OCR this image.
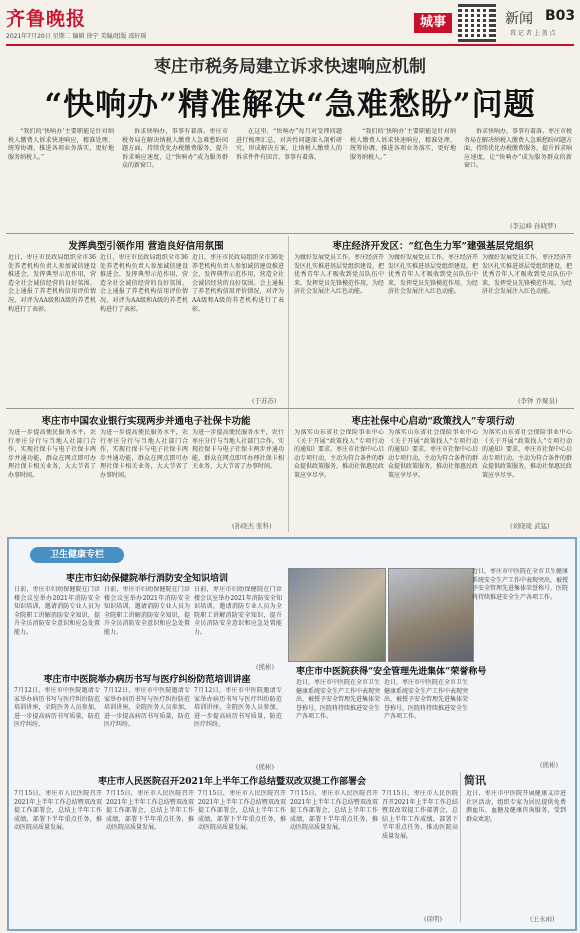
齐鲁晚报
2021年7月20日 星期二 编辑 徐宁 美编/组版 邵轩瑶
城事	新闻 B03
我 记 者 上 盖 点
枣庄市税务局建立诉求快速响应机制
“快响办”精准解决“急难愁盼”问题

“我们的‘快响办’主要职能是针对纳税人缴费人诉求快速响应，精准处理、统筹协调、推进各项业务落实，更好地服务纳税人。”

诉求快响办，事事有着落。枣庄市税务局在解决纳税人缴费人急难愁盼问题方面，持续优化办税缴费服务，提升诉求响应速度，让“快响办”成为服务群众的新窗口。

在这里，“快响办”每月对受理问题进行梳理汇总，对共性问题深入剖析研究，形成解决方案，让纳税人缴费人的诉求件件有回音、事事有着落。

“我们的‘快响办’主要职能是针对纳税人缴费人诉求快速响应，精准处理、统筹协调、推进各项业务落实，更好地服务纳税人。”

诉求快响办，事事有着落。枣庄市税务局在解决纳税人缴费人急难愁盼问题方面，持续优化办税缴费服务，提升诉求响应速度，让“快响办”成为服务群众的新窗口。

(李运峰 孙晓梦)
发挥典型引领作用 营造良好信用氛围	枣庄经济开发区：“红色生力军”建强基层党组织
近日，枣庄市民政局组织全市36处养老机构负责人参加诚信建设推进会，发挥典型示范作用，营造全社会诚信经营的良好氛围。会上通报了养老机构信用评价情况，对评为AA级和A级的养老机构进行了表彰。
近日，枣庄市民政局组织全市36处养老机构负责人参加诚信建设推进会，发挥典型示范作用，营造全社会诚信经营的良好氛围。会上通报了养老机构信用评价情况，对评为AA级和A级的养老机构进行了表彰。
近日，枣庄市民政局组织全市36处养老机构负责人参加诚信建设推进会，发挥典型示范作用，营造全社会诚信经营的良好氛围。会上通报了养老机构信用评价情况，对评为AA级和A级的养老机构进行了表彰。
(于苏苏)
为做好发展党员工作，枣庄经济开发区扎实推进基层党组织建设，把优秀青年人才吸收到党员队伍中来，发挥党员先锋模范作用，为经济社会发展注入红色动能。
为做好发展党员工作，枣庄经济开发区扎实推进基层党组织建设，把优秀青年人才吸收到党员队伍中来，发挥党员先锋模范作用，为经济社会发展注入红色动能。
为做好发展党员工作，枣庄经济开发区扎实推进基层党组织建设，把优秀青年人才吸收到党员队伍中来，发挥党员先锋模范作用，为经济社会发展注入红色动能。
(李钟 乔聚泉)
枣庄市中国农业银行实现两步并通电子社保卡功能	枣庄社保中心启动“政策找人”专项行动
为进一步提高便民服务水平，农行枣庄分行与当地人社部门合作，实现社保卡与电子社保卡两步并通功能，群众在网点即可办理社保卡相关业务，大大节省了办事时间。
为进一步提高便民服务水平，农行枣庄分行与当地人社部门合作，实现社保卡与电子社保卡两步并通功能，群众在网点即可办理社保卡相关业务，大大节省了办事时间。
为进一步提高便民服务水平，农行枣庄分行与当地人社部门合作，实现社保卡与电子社保卡两步并通功能，群众在网点即可办理社保卡相关业务，大大节省了办事时间。
(孙晓杰 张科)
为落实山东省社会保险事业中心《关于开展“政策找人”专项行动的通知》要求，枣庄市社保中心启动专项行动，主动为符合条件的群众提供政策服务，推动社保惠民政策应享尽享。
为落实山东省社会保险事业中心《关于开展“政策找人”专项行动的通知》要求，枣庄市社保中心启动专项行动，主动为符合条件的群众提供政策服务，推动社保惠民政策应享尽享。
为落实山东省社会保险事业中心《关于开展“政策找人”专项行动的通知》要求，枣庄市社保中心启动专项行动，主动为符合条件的群众提供政策服务，推动社保惠民政策应享尽享。
(刘晓珑 武猛)
卫生健康专栏
枣庄市妇幼保健院举行消防安全知识培训
日前，枣庄市妇幼保健院在门诊楼会议室举办2021年消防安全知识培训，邀请消防专业人员为全院职工讲解消防安全知识，提升全员消防安全意识和应急处置能力。
日前，枣庄市妇幼保健院在门诊楼会议室举办2021年消防安全知识培训，邀请消防专业人员为全院职工讲解消防安全知识，提升全员消防安全意识和应急处置能力。
日前，枣庄市妇幼保健院在门诊楼会议室举办2021年消防安全知识培训，邀请消防专业人员为全院职工讲解消防安全知识，提升全员消防安全意识和应急处置能力。
(熊彬) 枣庄市中医院获得“安全管理先进集体”荣誉称号
近日，枣庄市中医院在全市卫生健康系统安全生产工作中表现突出，被授予安全管理先进集体荣誉称号，医院将持续推进安全生产各项工作。
近日，枣庄市中医院在全市卫生健康系统安全生产工作中表现突出，被授予安全管理先进集体荣誉称号，医院将持续推进安全生产各项工作。
近日，枣庄市中医院在全市卫生健康系统安全生产工作中表现突出，被授予安全管理先进集体荣誉称号，医院将持续推进安全生产各项工作。
(熊彬)
枣庄市中医院举办病历书写与医疗纠纷防范培训讲座
7月12日，枣庄市中医院邀请专家举办病历书写与医疗纠纷防范培训讲座，全院医务人员参加，进一步提高病历书写质量，防范医疗纠纷。
7月12日，枣庄市中医院邀请专家举办病历书写与医疗纠纷防范培训讲座，全院医务人员参加，进一步提高病历书写质量，防范医疗纠纷。
7月12日，枣庄市中医院邀请专家举办病历书写与医疗纠纷防范培训讲座，全院医务人员参加，进一步提高病历书写质量，防范医疗纠纷。
(熊彬)
枣庄市人民医院召开2021年上半年工作总结暨双改双提工作部署会
7月15日，枣庄市人民医院召开2021年上半年工作总结暨双改双提工作部署会，总结上半年工作成绩，部署下半年重点任务，推动医院高质量发展。
7月15日，枣庄市人民医院召开2021年上半年工作总结暨双改双提工作部署会，总结上半年工作成绩，部署下半年重点任务，推动医院高质量发展。
7月15日，枣庄市人民医院召开2021年上半年工作总结暨双改双提工作部署会，总结上半年工作成绩，部署下半年重点任务，推动医院高质量发展。
7月15日，枣庄市人民医院召开2021年上半年工作总结暨双改双提工作部署会，总结上半年工作成绩，部署下半年重点任务，推动医院高质量发展。
7月15日，枣庄市人民医院召开2021年上半年工作总结暨双改双提工作部署会，总结上半年工作成绩，部署下半年重点任务，推动医院高质量发展。
(徐明)
简讯
近日，枣庄市中医院开展健康义诊进社区活动，组织专家为居民提供免费测血压、血糖及健康咨询服务，受到群众欢迎。
(王永雨)
